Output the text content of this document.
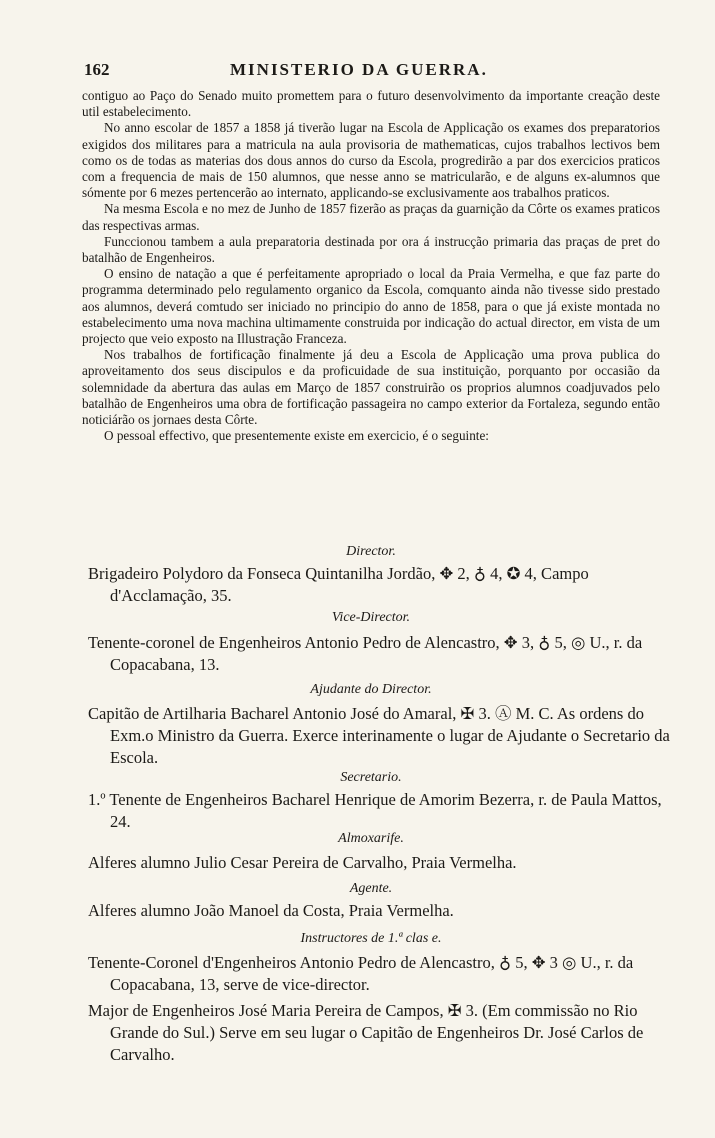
162	MINISTERIO DA GUERRA.

contiguo ao Paço do Senado muito promettem para o futuro desenvolvimento da importante creação deste util estabelecimento.

No anno escolar de 1857 a 1858 já tiverão lugar na Escola de Applicação os exames dos preparatorios exigidos dos militares para a matricula na aula provisoria de mathematicas, cujos trabalhos lectivos bem como os de todas as materias dos dous annos do curso da Escola, progredirão a par dos exercicios praticos com a frequencia de mais de 150 alumnos, que nesse anno se matricularão, e de alguns ex-alumnos que sómente por 6 mezes pertencerão ao internato, applicando-se exclusivamente aos trabalhos praticos.

Na mesma Escola e no mez de Junho de 1857 fizerão as praças da guarnição da Côrte os exames praticos das respectivas armas.

Funccionou tambem a aula preparatoria destinada por ora á instrucção primaria das praças de pret do batalhão de Engenheiros.

O ensino de natação a que é perfeitamente apropriado o local da Praia Vermelha, e que faz parte do programma determinado pelo regulamento organico da Escola, comquanto ainda não tivesse sido prestado aos alumnos, deverá comtudo ser iniciado no principio do anno de 1858, para o que já existe montada no estabelecimento uma nova machina ultimamente construida por indicação do actual director, em vista de um projecto que veio exposto na Illustração Franceza.

Nos trabalhos de fortificação finalmente já deu a Escola de Applicação uma prova publica do aproveitamento dos seus discipulos e da proficuidade de sua instituição, porquanto por occasião da solemnidade da abertura das aulas em Março de 1857 construirão os proprios alumnos coadjuvados pelo batalhão de Engenheiros uma obra de fortificação passageira no campo exterior da Fortaleza, segundo então noticiárão os jornaes desta Côrte.

O pessoal effectivo, que presentemente existe em exercicio, é o seguinte:

Director.
Brigadeiro Polydoro da Fonseca Quintanilha Jordão, ✥ 2, ♁ 4, ✪ 4, Campo d'Acclamação, 35.
Vice-Director.
Tenente-coronel de Engenheiros Antonio Pedro de Alencastro, ✥ 3, ♁ 5, ◎ U., r. da Copacabana, 13.
Ajudante do Director.
Capitão de Artilharia Bacharel Antonio José do Amaral, ✠ 3. Ⓐ M. C. As ordens do Exm.o Ministro da Guerra. Exerce interinamente o lugar de Ajudante o Secretario da Escola.
Secretario.
1.º Tenente de Engenheiros Bacharel Henrique de Amorim Bezerra, r. de Paula Mattos, 24.
Almoxarife.
Alferes alumno Julio Cesar Pereira de Carvalho, Praia Vermelha.
Agente.
Alferes alumno João Manoel da Costa, Praia Vermelha.
Instructores de 1.ª clas e.
Tenente-Coronel d'Engenheiros Antonio Pedro de Alencastro, ♁ 5, ✥ 3 ◎ U., r. da Copacabana, 13, serve de vice-director.
Major de Engenheiros José Maria Pereira de Campos, ✠ 3. (Em commissão no Rio Grande do Sul.) Serve em seu lugar o Capitão de Engenheiros Dr. José Carlos de Carvalho.
